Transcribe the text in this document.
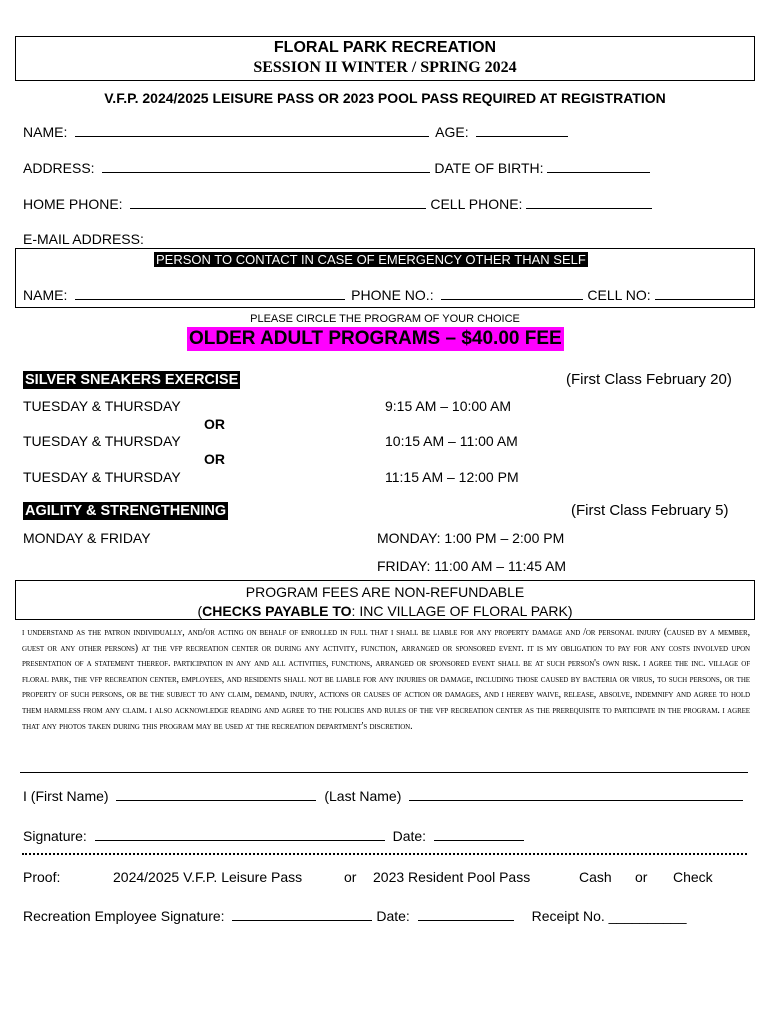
FLORAL PARK RECREATION
SESSION II WINTER / SPRING 2024
V.F.P. 2024/2025 LEISURE PASS OR 2023 POOL PASS REQUIRED AT REGISTRATION
NAME:	AGE:
ADDRESS:	DATE OF BIRTH:
HOME PHONE:	CELL PHONE:
E-MAIL ADDRESS:
PERSON TO CONTACT IN CASE OF EMERGENCY OTHER THAN SELF
NAME:	PHONE NO.:	CELL NO:
PLEASE CIRCLE THE PROGRAM OF YOUR CHOICE
OLDER ADULT PROGRAMS – $40.00 FEE
SILVER SNEAKERS EXERCISE	(First Class February 20)
TUESDAY & THURSDAY	9:15 AM – 10:00 AM
OR
TUESDAY & THURSDAY	10:15 AM – 11:00 AM
OR
TUESDAY & THURSDAY	11:15 AM – 12:00 PM
AGILITY & STRENGTHENING	(First Class February 5)
MONDAY & FRIDAY	MONDAY: 1:00 PM – 2:00 PM
FRIDAY: 11:00 AM – 11:45 AM
PROGRAM FEES ARE NON-REFUNDABLE
(CHECKS PAYABLE TO: INC VILLAGE OF FLORAL PARK)
i understand as the patron individually, and/or acting on behalf of enrolled in full that i shall be liable for any property damage and /or personal injury (caused by a member, guest or any other persons) at the vfp recreation center or during any activity, function, arranged or sponsored event. it is my obligation to pay for any costs involved upon presentation of a statement thereof. participation in any and all activities, functions, arranged or sponsored event shall be at such person's own risk. i agree the inc. village of floral park, the vfp recreation center, employees, and residents shall not be liable for any injuries or damage, including those caused by bacteria or virus, to such persons, or the property of such persons, or be the subject to any claim, demand, injury, actions or causes of action or damages, and i hereby waive, release, absolve, indemnify and agree to hold them harmless from any claim. i also acknowledge reading and agree to the policies and rules of the vfp recreation center as the prerequisite to participate in the program. i agree that any photos taken during this program may be used at the recreation department's discretion.
I (First Name)	(Last Name)
Signature:	Date:
Proof:	2024/2025 V.F.P. Leisure Pass	or 2023 Resident Pool Pass	Cash or Check
Recreation Employee Signature:	Date:	Receipt No. __________
